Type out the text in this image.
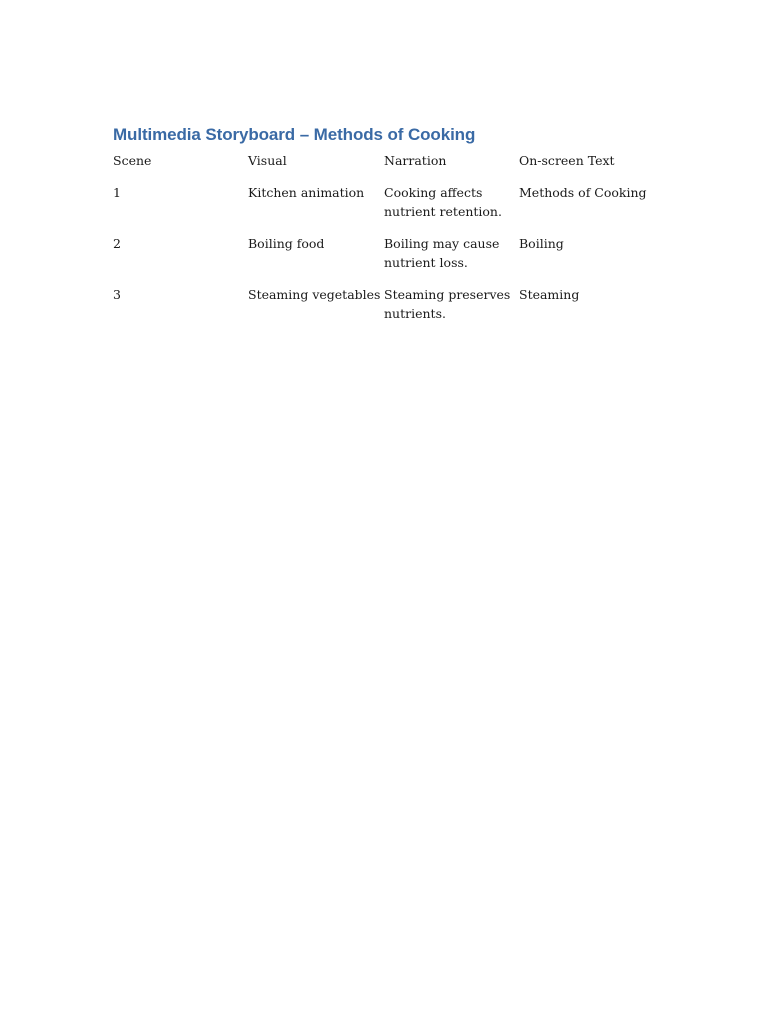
Multimedia Storyboard – Methods of Cooking
Scene	Visual	Narration	On-screen Text
1	Kitchen animation	Cooking affects nutrient retention.	Methods of Cooking
2	Boiling food	Boiling may cause nutrient loss.	Boiling
3	Steaming vegetables	Steaming preserves nutrients.	Steaming
